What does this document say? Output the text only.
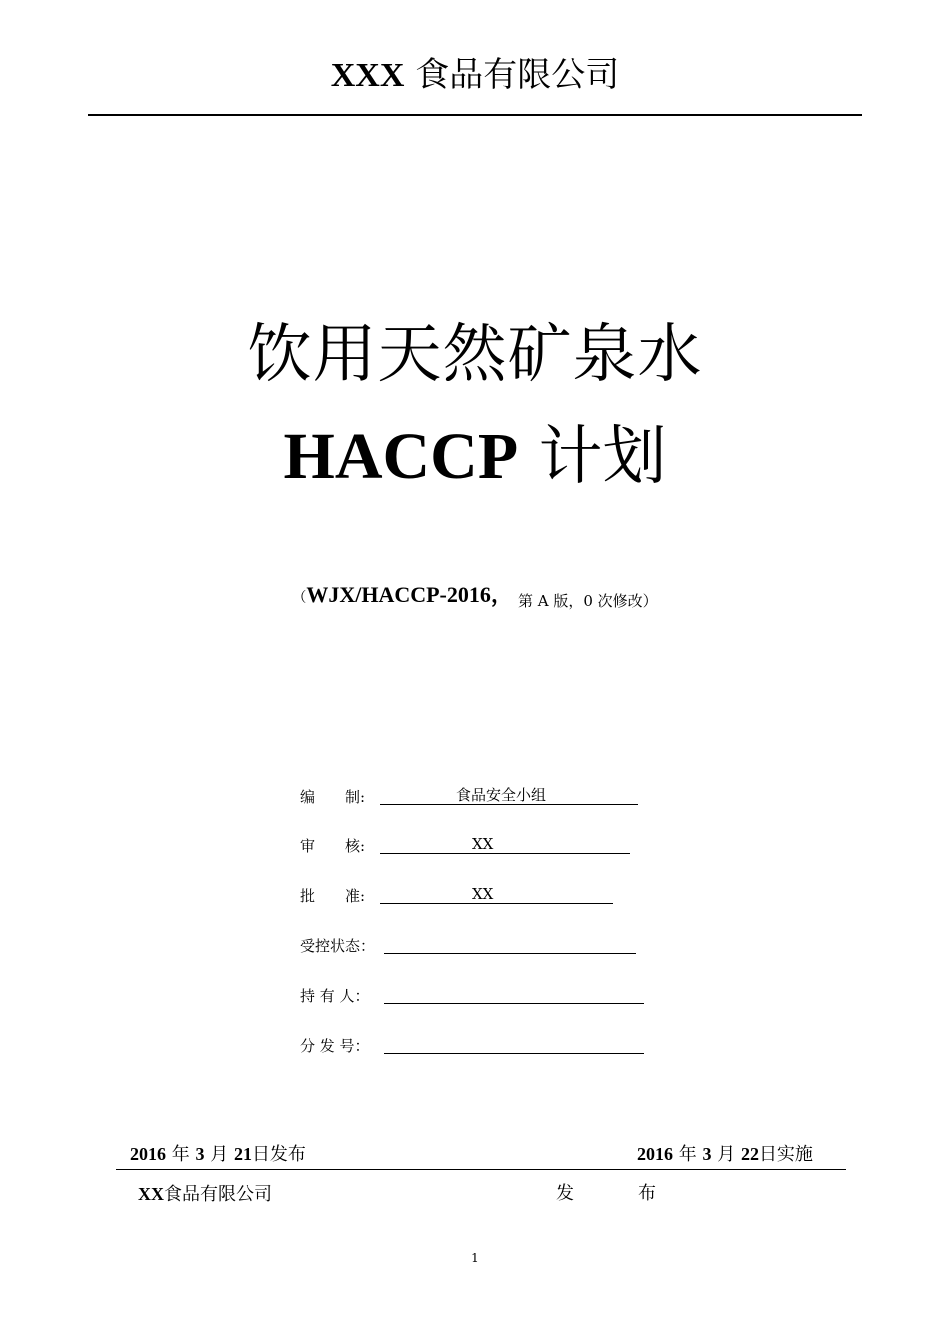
XXX 食品有限公司
饮用天然矿泉水
HACCP 计划
（WJX/HACCP-2016， 第 A 版，0 次修改）
编　　制:	食品安全小组
审　　核:	XX
批　　准:	XX
受控状态：
持 有 人：
分 发 号：
2016 年 3 月 21日发布	2016 年 3 月 22日实施
XX食品有限公司	发	布
1
